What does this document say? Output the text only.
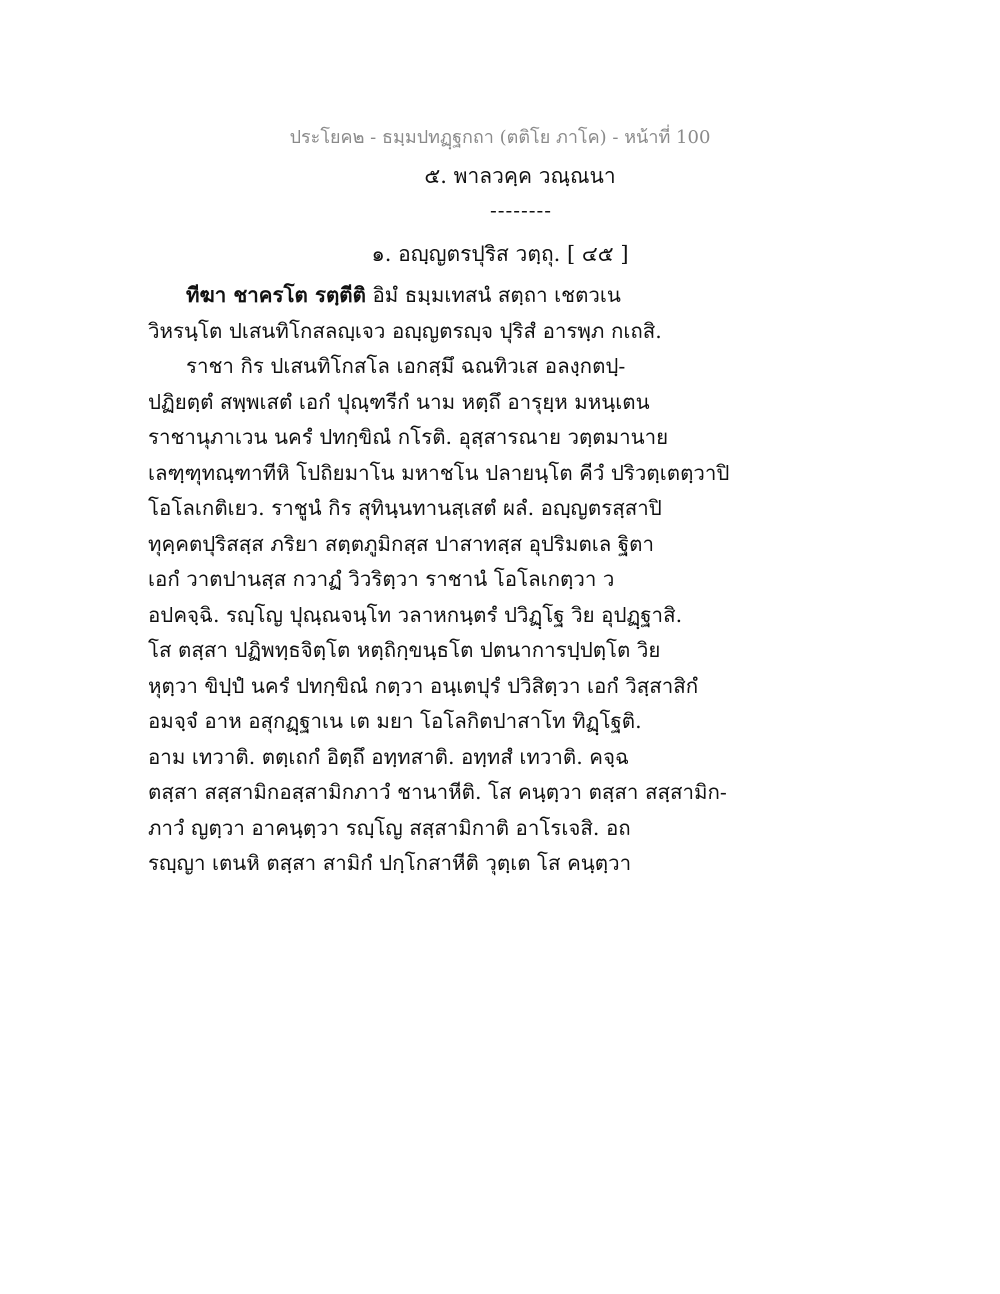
ประโยค๒ - ธมฺมปทฏฺฐกถา (ตติโย ภาโค) - หน้าที่ 100
๕. พาลวคฺค วณฺณนา
--------
๑. อญฺญตรปุริส วตฺถุ. [ ๔๕ ]
ทีฆา ชาครโต รตฺตีติ อิมํ ธมฺมเทสนํ สตฺถา เชตวเน
วิหรนฺโต ปเสนทิโกสลญฺเจว อญฺญตรญฺจ ปุริสํ อารพฺภ กเถสิ.
ราชา กิร ปเสนทิโกสโล เอกสฺมึ ฉณทิวเส อลงฺกตปฺ-
ปฏิยตฺตํ สพฺพเสตํ เอกํ ปุณฺฑรีกํ นาม หตฺถึ อารุยฺห มหนฺเตน
ราชานุภาเวน นครํ ปทกฺขิณํ กโรติ. อุสฺสารณาย วตฺตมานาย
เลฑฺฑุทณฺฑาทีหิ โปถิยมาโน มหาชโน ปลายนฺโต คีวํ ปริวตฺเตตฺวาปิ
โอโลเกติเยว. ราชูนํ กิร สุทินฺนทานสฺเสตํ ผลํ. อญฺญตรสฺสาปิ
ทุคฺคตปุริสสฺส ภริยา สตฺตภูมิกสฺส ปาสาทสฺส อุปริมตเล ฐิตา
เอกํ วาตปานสฺส กวาฏํ วิวริตฺวา ราชานํ โอโลเกตฺวา ว
อปคจฺฉิ. รญฺโญ ปุณฺณจนฺโท วลาหกนฺตรํ ปวิฏฺโฐ วิย อุปฏฺฐาสิ.
โส ตสฺสา ปฏิพทฺธจิตฺโต หตฺถิกฺขนฺธโต ปตนาการปฺปตฺโต วิย
หุตฺวา ขิปฺปํ นครํ ปทกฺขิณํ กตฺวา อนฺเตปุรํ ปวิสิตฺวา เอกํ วิสฺสาสิกํ
อมจฺจํ อาห อสุกฏฺฐาเน เต มยา โอโลกิตปาสาโท ทิฏฺโฐติ.
อาม เทวาติ. ตตฺเถกํ อิตฺถึ อทฺทสาติ. อทฺทสํ เทวาติ. คจฺฉ
ตสฺสา สสฺสามิกอสฺสามิกภาวํ ชานาหีติ. โส คนฺตฺวา ตสฺสา สสฺสามิก-
ภาวํ ญตฺวา อาคนฺตฺวา รญฺโญ สสฺสามิกาติ อาโรเจสิ. อถ
รญฺญา เตนหิ ตสฺสา สามิกํ ปกฺโกสาหีติ วุตฺเต โส คนฺตฺวา
